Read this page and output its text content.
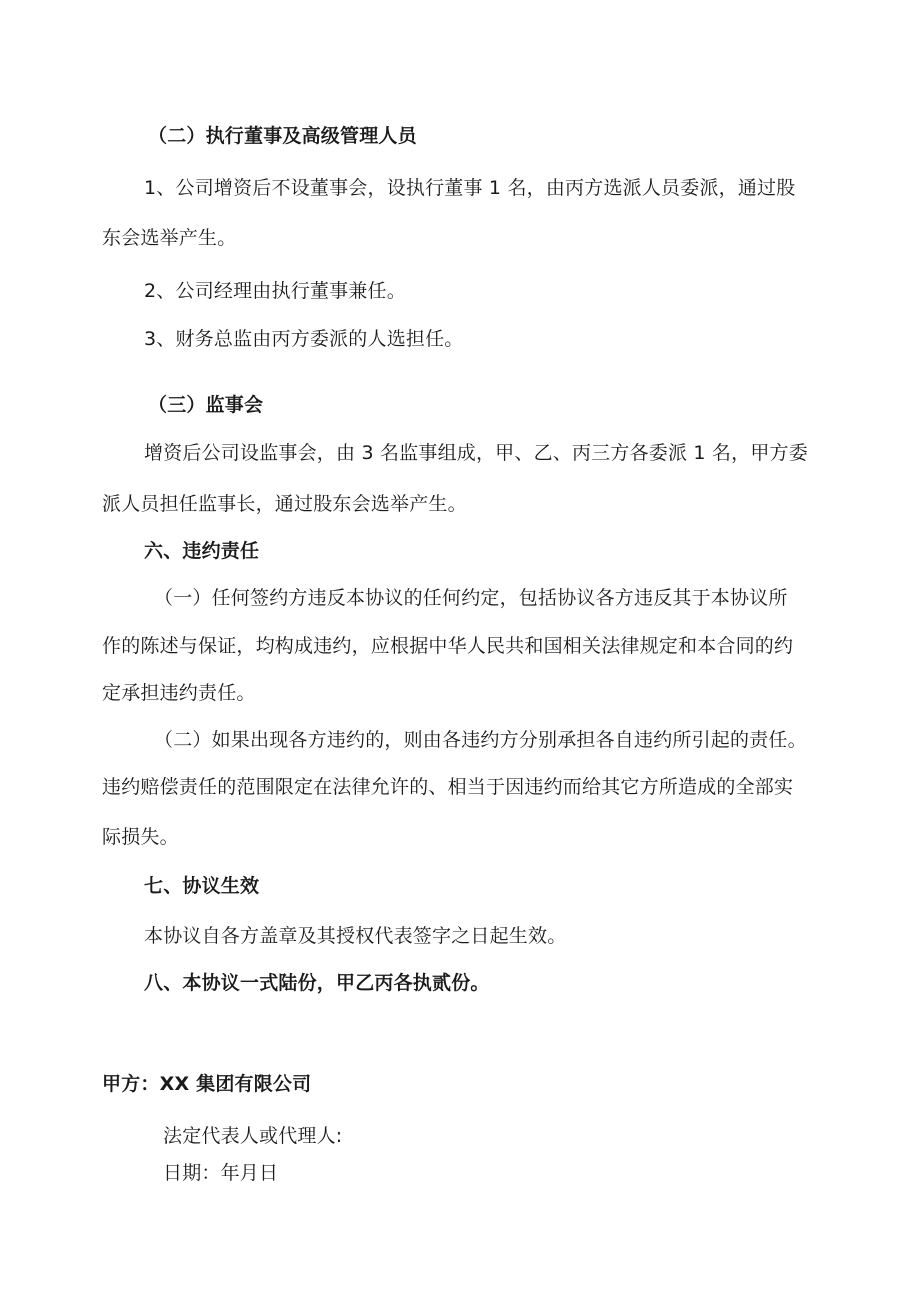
（二）执行董事及高级管理人员
1、公司增资后不设董事会，设执行董事 1 名，由丙方选派人员委派，通过股
东会选举产生。
2、公司经理由执行董事兼任。
3、财务总监由丙方委派的人选担任。
（三）监事会
增资后公司设监事会，由 3 名监事组成，甲、乙、丙三方各委派 1 名，甲方委
派人员担任监事长，通过股东会选举产生。
六、违约责任
（一）任何签约方违反本协议的任何约定，包括协议各方违反其于本协议所
作的陈述与保证，均构成违约，应根据中华人民共和国相关法律规定和本合同的约
定承担违约责任。
（二）如果出现各方违约的，则由各违约方分别承担各自违约所引起的责任。
违约赔偿责任的范围限定在法律允许的、相当于因违约而给其它方所造成的全部实
际损失。
七、协议生效
本协议自各方盖章及其授权代表签字之日起生效。
八、本协议一式陆份，甲乙丙各执贰份。
甲方：XX 集团有限公司
法定代表人或代理人:
日期：年月日
